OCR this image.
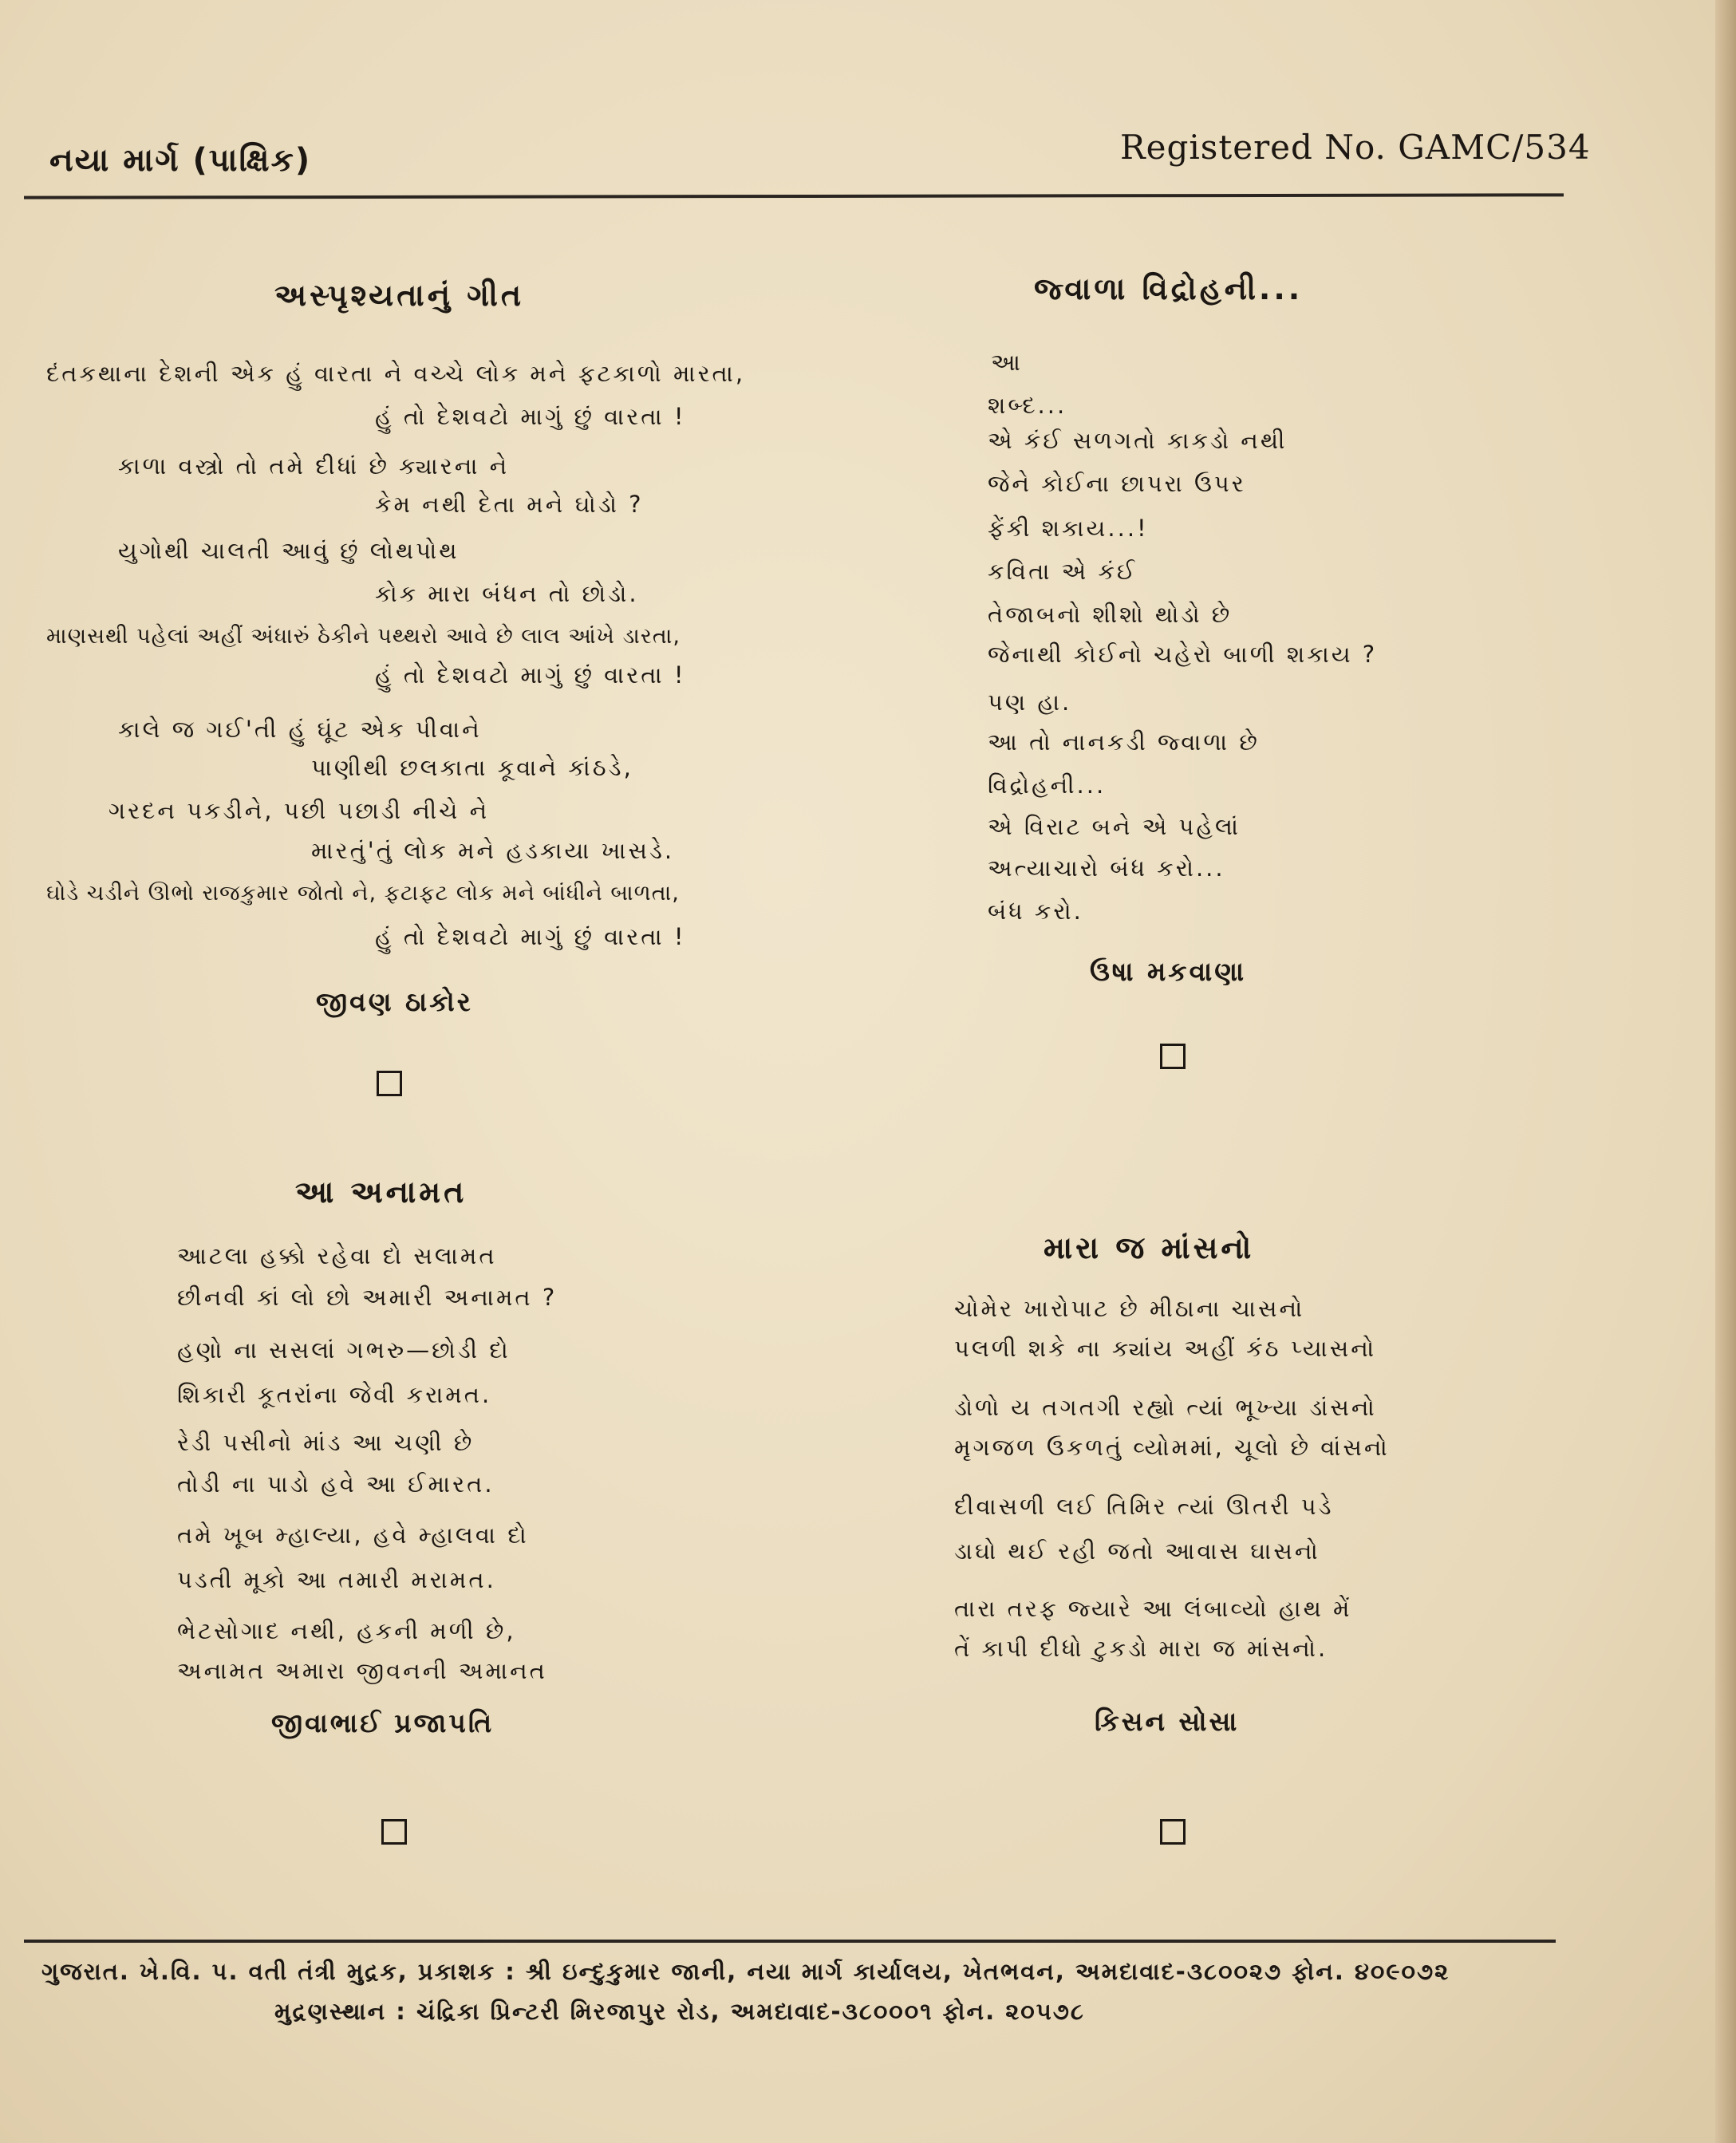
નયા માર્ગ (પાક્ષિક)	Registered No. GAMC/534
અસ્પૃશ્યતાનું ગીત
દંતકથાના દેશની એક હું વારતા ને વચ્ચે લોક મને ફટકાળો મારતા,
હું તો દેશવટો માગું છું વારતા !
કાળા વસ્ત્રો તો તમે દીધાં છે ક્યારના ને
કેમ નથી દેતા મને ઘોડો ?
યુગોથી ચાલતી આવું છું લોથપોથ
કોક મારા બંધન તો છોડો.
માણસથી પહેલાં અહીં અંધારું ઠેકીને પથ્થરો આવે છે લાલ આંખે ડારતા,
હું તો દેશવટો માગું છું વારતા !
કાલે જ ગઈ'તી હું ઘૂંટ એક પીવાને
પાણીથી છલકાતા કૂવાને કાંઠડે,
ગરદન પકડીને, પછી પછાડી નીચે ને
મારતું'તું લોક મને હડકાયા ખાસડે.
ઘોડે ચડીને ઊભો રાજકુમાર જોતો ને, ફટાફટ લોક મને બાંધીને બાળતા,
હું તો દેશવટો માગું છું વારતા !
જીવણ ઠાકોર
જ્વાળા વિદ્રોહની...
આ
શબ્દ...
એ કંઈ સળગતો કાકડો નથી
જેને કોઈના છાપરા ઉપર
ફેંકી શકાય...!
કવિતા એ કંઈ
તેજાબનો શીશો થોડો છે
જેનાથી કોઈનો ચહેરો બાળી શકાય ?
પણ હા.
આ તો નાનકડી જ્વાળા છે
વિદ્રોહની...
એ વિરાટ બને એ પહેલાં
અત્યાચારો બંધ કરો...
બંધ કરો.
ઉષા મકવાણા
આ અનામત
આટલા હક્કો રહેવા દો સલામત
છીનવી કાં લો છો અમારી અનામત ?
હણો ના સસલાં ગભરુ—છોડી દો
શિકારી કૂતરાંના જેવી કરામત.
રેડી પસીનો માંડ આ ચણી છે
તોડી ના પાડો હવે આ ઈમારત.
તમે ખૂબ મ્હાલ્યા, હવે મ્હાલવા દો
પડતી મૂકો આ તમારી મરામત.
ભેટસોગાદ નથી, હકની મળી છે,
અનામત અમારા જીવનની અમાનત
જીવાભાઈ પ્રજાપતિ
મારા જ માંસનો
ચોમેર ખારોપાટ છે મીઠાના ચાસનો
પલળી શકે ના ક્યાંય અહીં કંઠ પ્યાસનો
ડોળો ય તગતગી રહ્યો ત્યાં ભૂખ્યા ડાંસનો
મૃગજળ ઉકળતું વ્યોમમાં, ચૂલો છે વાંસનો
દીવાસળી લઈ તિમિર ત્યાં ઊતરી પડે
ડાઘો થઈ રહી જતો આવાસ ઘાસનો
તારા તરફ જ્યારે આ લંબાવ્યો હાથ મેં
તેં કાપી દીધો ટુકડો મારા જ માંસનો.
કિસન સોસા
ગુજરાત. ખે.વિ. પ. વતી તંત્રી મુદ્રક, પ્રકાશક : શ્રી ઇન્દુકુમાર જાની, નયા માર્ગ કાર્યાલય, ખેતભવન, અમદાવાદ-૩૮૦૦૨૭ ફોન. ૪૦૯૦૭૨
મુદ્રણસ્થાન : ચંદ્રિકા પ્રિન્ટરી મિરજાપુર રોડ, અમદાવાદ-૩૮૦૦૦૧ ફોન. ૨૦૫૭૮
